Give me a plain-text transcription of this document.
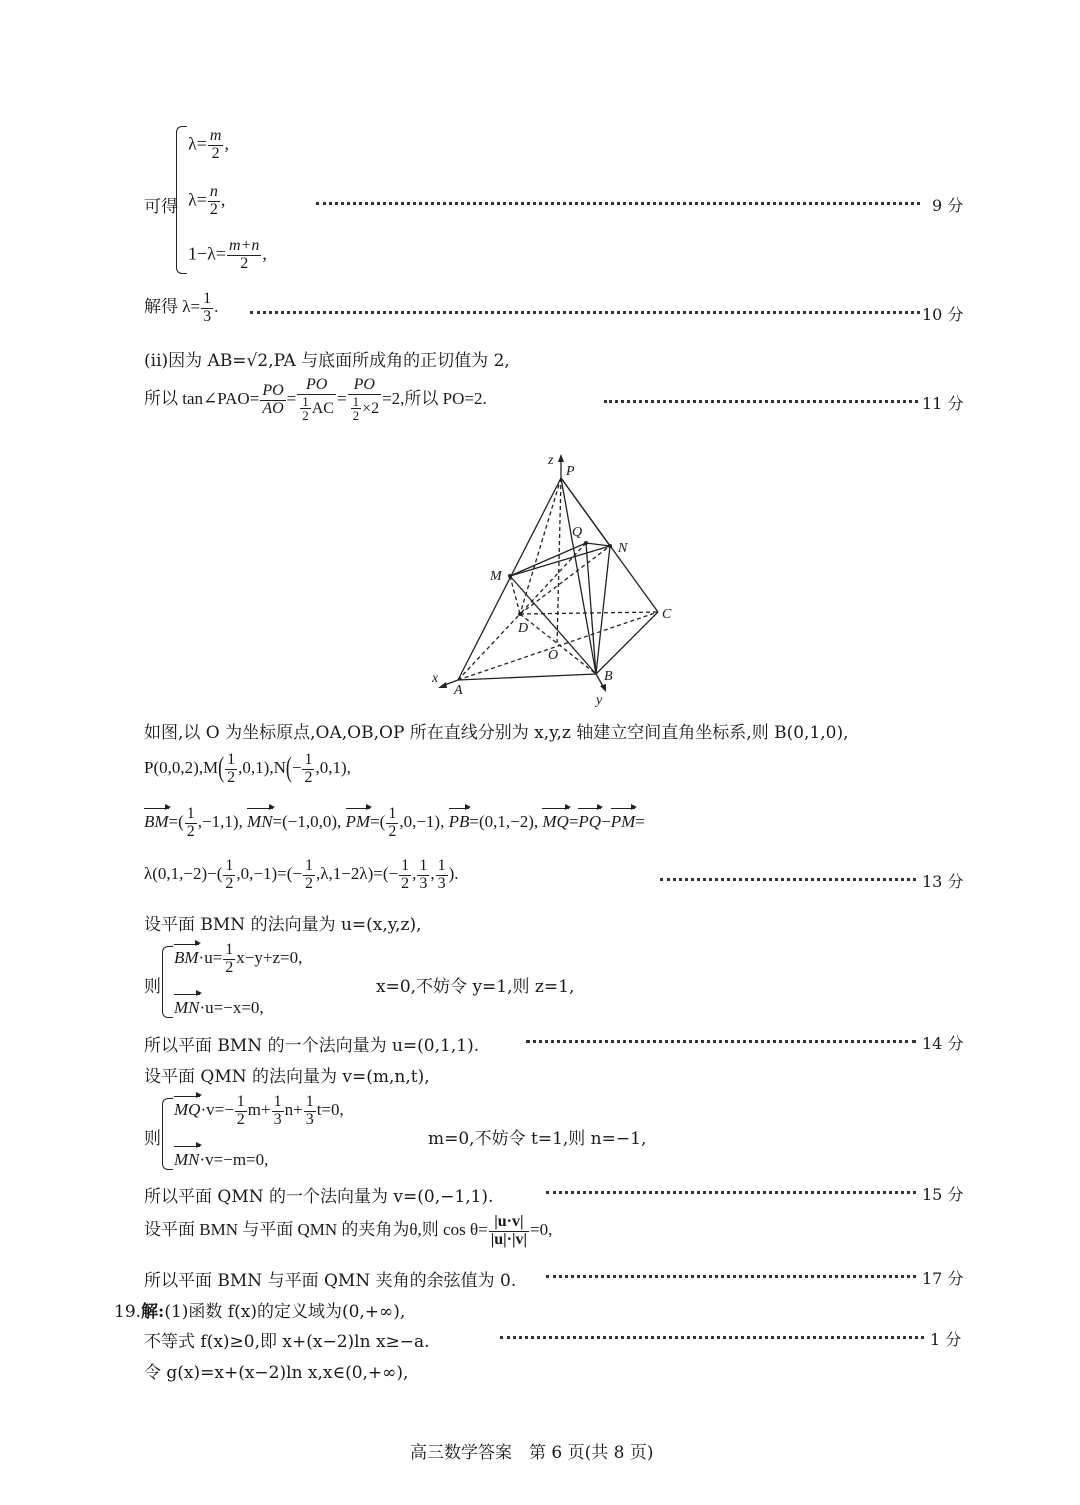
可得
$\lambda= \frac{m}{2}$ ,
$\lambda= \frac{n}{2}$ ,
$1-\lambda= \frac{m+n}{2}$ ,
9 分
解得 $\lambda= \frac{1}{3}$ .	10 分
(ii)因为 AB=√2,PA 与底面所成角的正切值为 2,
所以 tan∠PAO= $\frac{PO}{AO} = \frac{PO}{\frac{1}{2} AC} = \frac{PO}{\frac{1}{2} \times 2} =2$,所以 PO=2.	11 分
z
P
Q
N
M
C
D
O
A
B
x
y
如图,以 O 为坐标原点,OA,OB,OP 所在直线分别为 x,y,z 轴建立空间直角坐标系,则 B(0,1,0),
$P(0,0,2),M( \frac{1}{2} ,0,1),N(- \frac{1}{2} ,0,1)$,
$BM=( \frac{1}{2} ,-1,1)$, MN=(−1,0,0), $PM=( \frac{1}{2} ,0,-1)$, PB=(0,1,−2), MQ=PQ−PM=
$\lambda(0,1,-2)-( \frac{1}{2} ,0,-1)=(- \frac{1}{2} ,\lambda,1-2\lambda)=(- \frac{1}{2}$ , $\frac{1}{3}$ , $\frac{1}{3}$ ).	13 分
设平面 BMN 的法向量为 u=(x,y,z),
则
$BM\cdot u= \frac{1}{2} x-y+z=0$,
MN·u=−x=0,
x=0,不妨令 y=1,则 z=1,
所以平面 BMN 的一个法向量为 u=(0,1,1).	14 分
设平面 QMN 的法向量为 v=(m,n,t),
则
$MQ\cdot v=- \frac{1}{2} m+ \frac{1}{3} n+ \frac{1}{3} t=0$,
MN·v=−m=0,
m=0,不妨令 t=1,则 n=−1,
所以平面 QMN 的一个法向量为 v=(0,−1,1).	15 分
设平面 BMN 与平面 QMN 的夹角为θ,则 $\cos \theta= \frac{|u\cdot v|}{|u|\cdot|v|} =0$,
所以平面 BMN 与平面 QMN 夹角的余弦值为 0.	17 分
19.解:(1)函数 f(x)的定义域为(0,+∞),
不等式 f(x)≥0,即 x+(x−2)ln x≥−a.	1 分
令 g(x)=x+(x−2)ln x,x∈(0,+∞),
高三数学答案　第 6 页(共 8 页)
